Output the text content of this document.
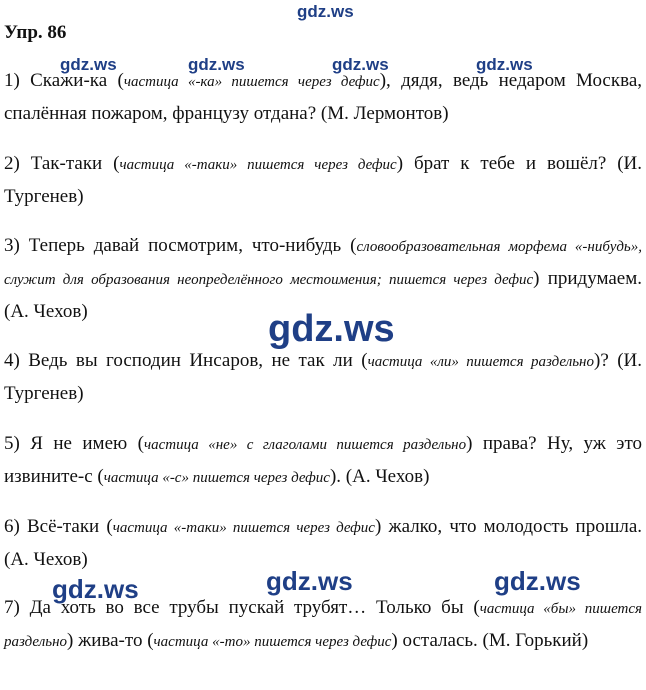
gdz.ws
gdz.ws	gdz.ws	gdz.ws	gdz.ws
gdz.ws
gdz.ws	gdz.ws	gdz.ws
Упр. 86
1) Скажи-ка (частица «-ка» пишется через дефис), дядя, ведь недаром Москва, спалённая пожаром, французу отдана? (М. Лермонтов)
2) Так-таки (частица «-таки» пишется через дефис) брат к тебе и вошёл? (И. Тургенев)
3) Теперь давай посмотрим, что-нибудь (словообразовательная морфема «-нибудь», служит для образования неопределённого местоимения; пишется через дефис) придумаем. (А. Чехов)
4) Ведь вы господин Инсаров, не так ли (частица «ли» пишется раздельно)? (И. Тургенев)
5) Я не имею (частица «не» с глаголами пишется раздельно) права? Ну, уж это извините-с (частица «-с» пишется через дефис). (А. Чехов)
6) Всё-таки (частица «-таки» пишется через дефис) жалко, что молодость прошла. (А. Чехов)
7) Да хоть во все трубы пускай трубят… Только бы (частица «бы» пишется раздельно) жива-то (частица «-то» пишется через дефис) осталась. (М. Горький)
